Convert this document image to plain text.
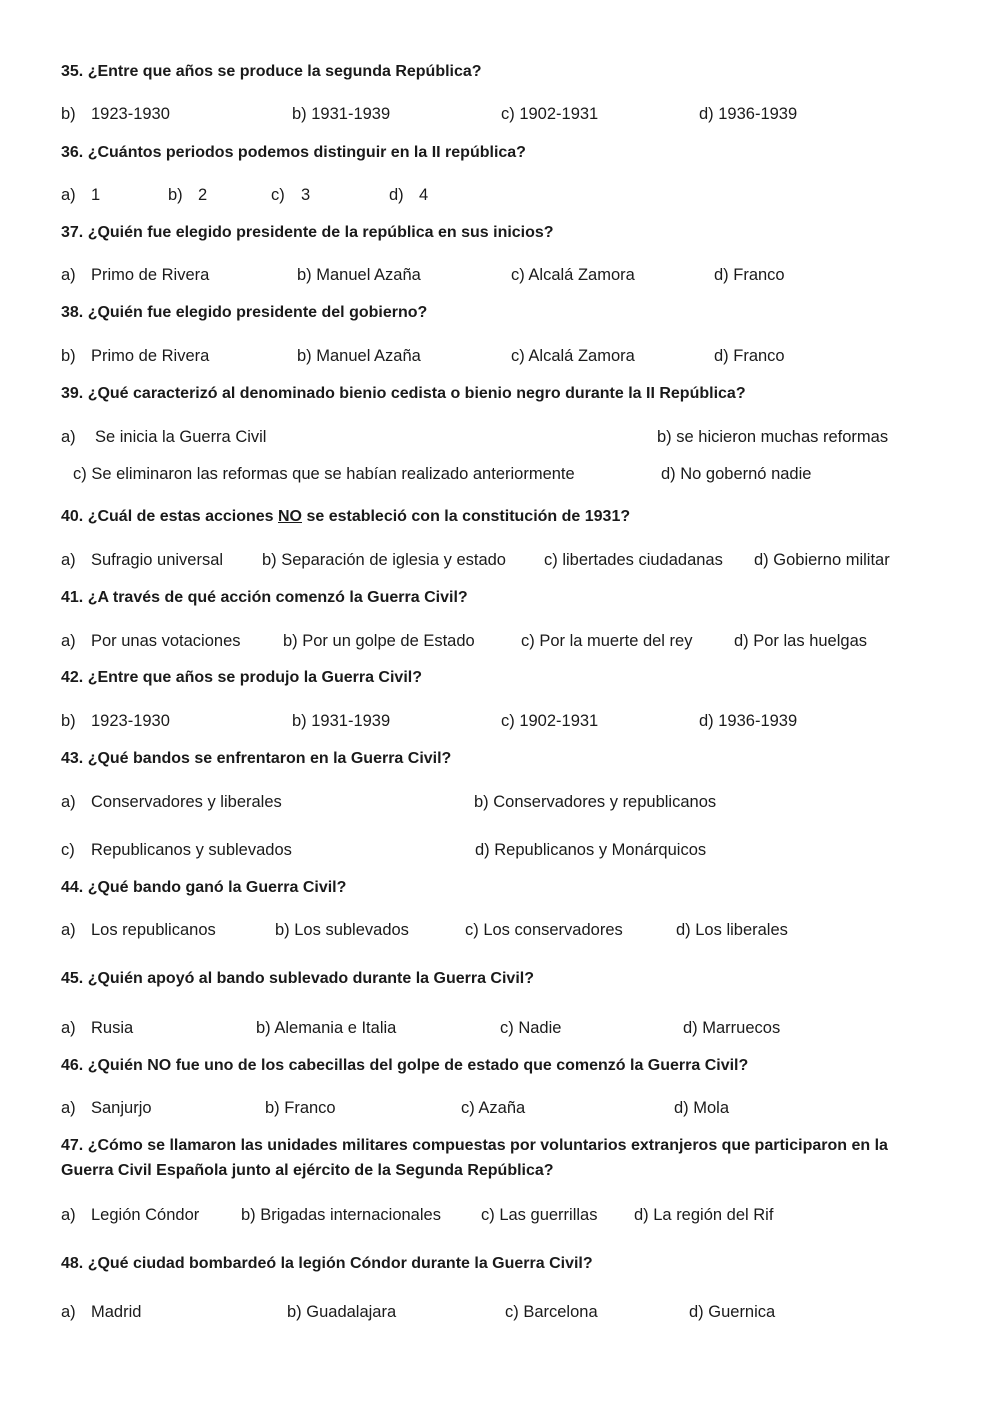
35. ¿Entre que años se produce la segunda República?
b) 1923-1930	b) 1931-1939	c) 1902-1931	d) 1936-1939
36. ¿Cuántos periodos podemos distinguir en la II república?
a) 1	b) 2	c) 3	d) 4
37. ¿Quién fue elegido presidente de la república en sus inicios?
a) Primo de Rivera	b) Manuel Azaña	c) Alcalá Zamora	d) Franco
38. ¿Quién fue elegido presidente del gobierno?
b) Primo de Rivera	b) Manuel Azaña	c) Alcalá Zamora	d) Franco
39. ¿Qué caracterizó al denominado bienio cedista o bienio negro durante la II República?
a) Se inicia la Guerra Civil	b) se hicieron muchas reformas
c) Se eliminaron las reformas que se habían realizado anteriormente	d) No gobernó nadie
40. ¿Cuál de estas acciones NO se estableció con la constitución de 1931?
a) Sufragio universal b) Separación de iglesia y estado c) libertades ciudadanas d) Gobierno militar
41. ¿A través de qué acción comenzó la Guerra Civil?
a) Por unas votaciones	b) Por un golpe de Estado	c) Por la muerte del rey	d) Por las huelgas
42. ¿Entre que años se produjo la Guerra Civil?
b) 1923-1930	b) 1931-1939	c) 1902-1931	d) 1936-1939
43. ¿Qué bandos se enfrentaron en la Guerra Civil?
a) Conservadores y liberales	b) Conservadores y republicanos
c) Republicanos y sublevados	d) Republicanos y Monárquicos
44. ¿Qué bando ganó la Guerra Civil?
a) Los republicanos	b) Los sublevados	c) Los conservadores	d) Los liberales
45. ¿Quién apoyó al bando sublevado durante la Guerra Civil?
a) Rusia	b) Alemania e Italia	c) Nadie	d) Marruecos
46. ¿Quién NO fue uno de los cabecillas del golpe de estado que comenzó la Guerra Civil?
a) Sanjurjo	b) Franco	c) Azaña	d) Mola
47. ¿Cómo se llamaron las unidades militares compuestas por voluntarios extranjeros que participaron en la
Guerra Civil Española junto al ejército de la Segunda República?
a) Legión Cóndor	b) Brigadas internacionales c) Las guerrillas d) La región del Rif
48. ¿Qué ciudad bombardeó la legión Cóndor durante la Guerra Civil?
a) Madrid	b) Guadalajara	c) Barcelona	d) Guernica
